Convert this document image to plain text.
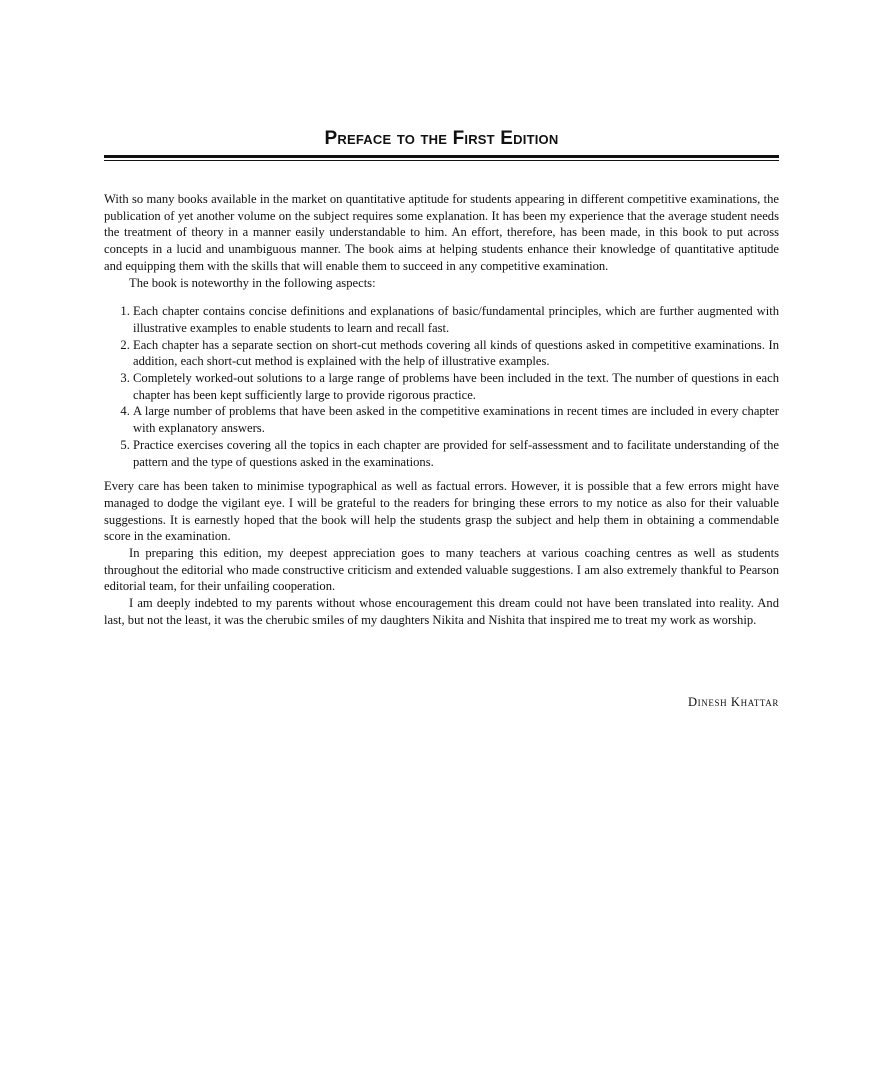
Preface to the First Edition

With so many books available in the market on quantitative aptitude for students appearing in different competitive examinations, the publication of yet another volume on the subject requires some explanation. It has been my experience that the average student needs the treatment of theory in a manner easily understandable to him. An effort, therefore, has been made, in this book to put across concepts in a lucid and unambiguous manner. The book aims at helping students enhance their knowledge of quantitative aptitude and equipping them with the skills that will enable them to succeed in any competitive examination.

The book is noteworthy in the following aspects:

1. Each chapter contains concise definitions and explanations of basic/fundamental principles, which are further augmented with illustrative examples to enable students to learn and recall fast.
2. Each chapter has a separate section on short-cut methods covering all kinds of questions asked in competitive examinations. In addition, each short-cut method is explained with the help of illustrative examples.
3. Completely worked-out solutions to a large range of problems have been included in the text. The number of questions in each chapter has been kept sufficiently large to provide rigorous practice.
4. A large number of problems that have been asked in the competitive examinations in recent times are included in every chapter with explanatory answers.
5. Practice exercises covering all the topics in each chapter are provided for self-assessment and to facilitate understanding of the pattern and the type of questions asked in the examinations.

Every care has been taken to minimise typographical as well as factual errors. However, it is possible that a few errors might have managed to dodge the vigilant eye. I will be grateful to the readers for bringing these errors to my notice as also for their valuable suggestions. It is earnestly hoped that the book will help the students grasp the subject and help them in obtaining a commendable score in the examination.

In preparing this edition, my deepest appreciation goes to many teachers at various coaching centres as well as students throughout the editorial who made constructive criticism and extended valuable suggestions. I am also extremely thankful to Pearson editorial team, for their unfailing cooperation.

I am deeply indebted to my parents without whose encouragement this dream could not have been translated into reality. And last, but not the least, it was the cherubic smiles of my daughters Nikita and Nishita that inspired me to treat my work as worship.

Dinesh Khattar
